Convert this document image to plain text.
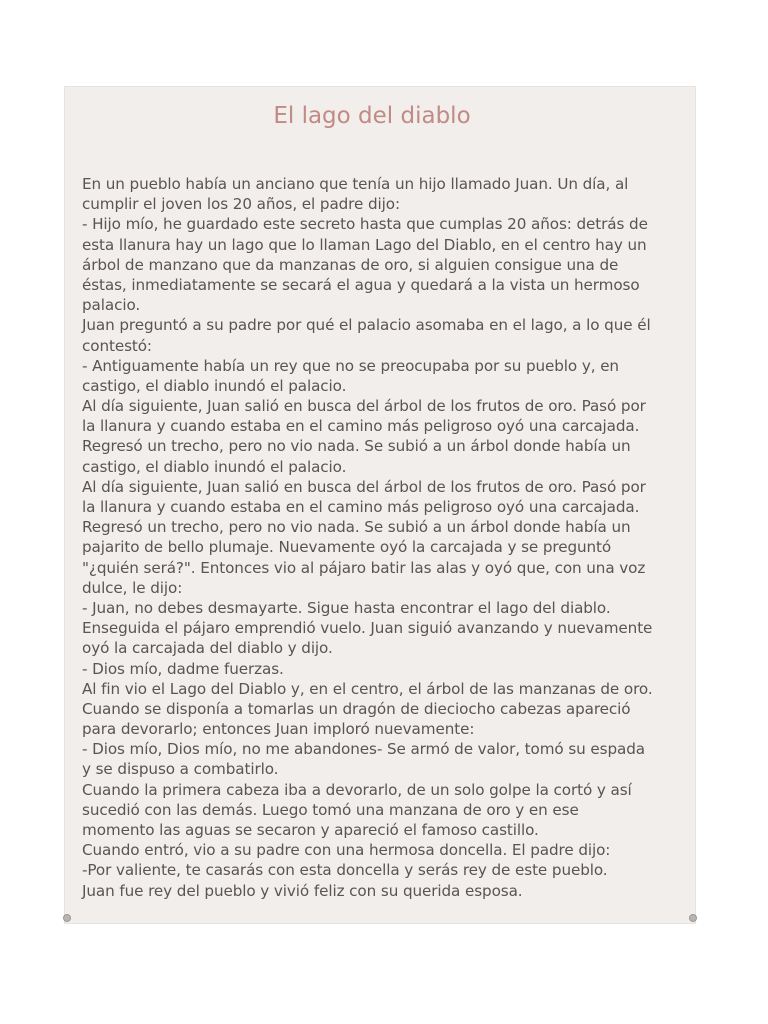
El lago del diablo
En un pueblo había un anciano que tenía un hijo llamado Juan. Un día, al
cumplir el joven los 20 años, el padre dijo:
- Hijo mío, he guardado este secreto hasta que cumplas 20 años: detrás de
esta llanura hay un lago que lo llaman Lago del Diablo, en el centro hay un
árbol de manzano que da manzanas de oro, si alguien consigue una de
éstas, inmediatamente se secará el agua y quedará a la vista un hermoso
palacio.
Juan preguntó a su padre por qué el palacio asomaba en el lago, a lo que él
contestó:
- Antiguamente había un rey que no se preocupaba por su pueblo y, en
castigo, el diablo inundó el palacio.
Al día siguiente, Juan salió en busca del árbol de los frutos de oro. Pasó por
la llanura y cuando estaba en el camino más peligroso oyó una carcajada.
Regresó un trecho, pero no vio nada. Se subió a un árbol donde había un
castigo, el diablo inundó el palacio.
Al día siguiente, Juan salió en busca del árbol de los frutos de oro. Pasó por
la llanura y cuando estaba en el camino más peligroso oyó una carcajada.
Regresó un trecho, pero no vio nada. Se subió a un árbol donde había un
pajarito de bello plumaje. Nuevamente oyó la carcajada y se preguntó
"¿quién será?". Entonces vio al pájaro batir las alas y oyó que, con una voz
dulce, le dijo:
- Juan, no debes desmayarte. Sigue hasta encontrar el lago del diablo.
Enseguida el pájaro emprendió vuelo. Juan siguió avanzando y nuevamente
oyó la carcajada del diablo y dijo.
- Dios mío, dadme fuerzas.
Al fin vio el Lago del Diablo y, en el centro, el árbol de las manzanas de oro.
Cuando se disponía a tomarlas un dragón de dieciocho cabezas apareció
para devorarlo; entonces Juan imploró nuevamente:
- Dios mío, Dios mío, no me abandones- Se armó de valor, tomó su espada
y se dispuso a combatirlo.
Cuando la primera cabeza iba a devorarlo, de un solo golpe la cortó y así
sucedió con las demás. Luego tomó una manzana de oro y en ese
momento las aguas se secaron y apareció el famoso castillo.
Cuando entró, vio a su padre con una hermosa doncella. El padre dijo:
-Por valiente, te casarás con esta doncella y serás rey de este pueblo.
Juan fue rey del pueblo y vivió feliz con su querida esposa.
